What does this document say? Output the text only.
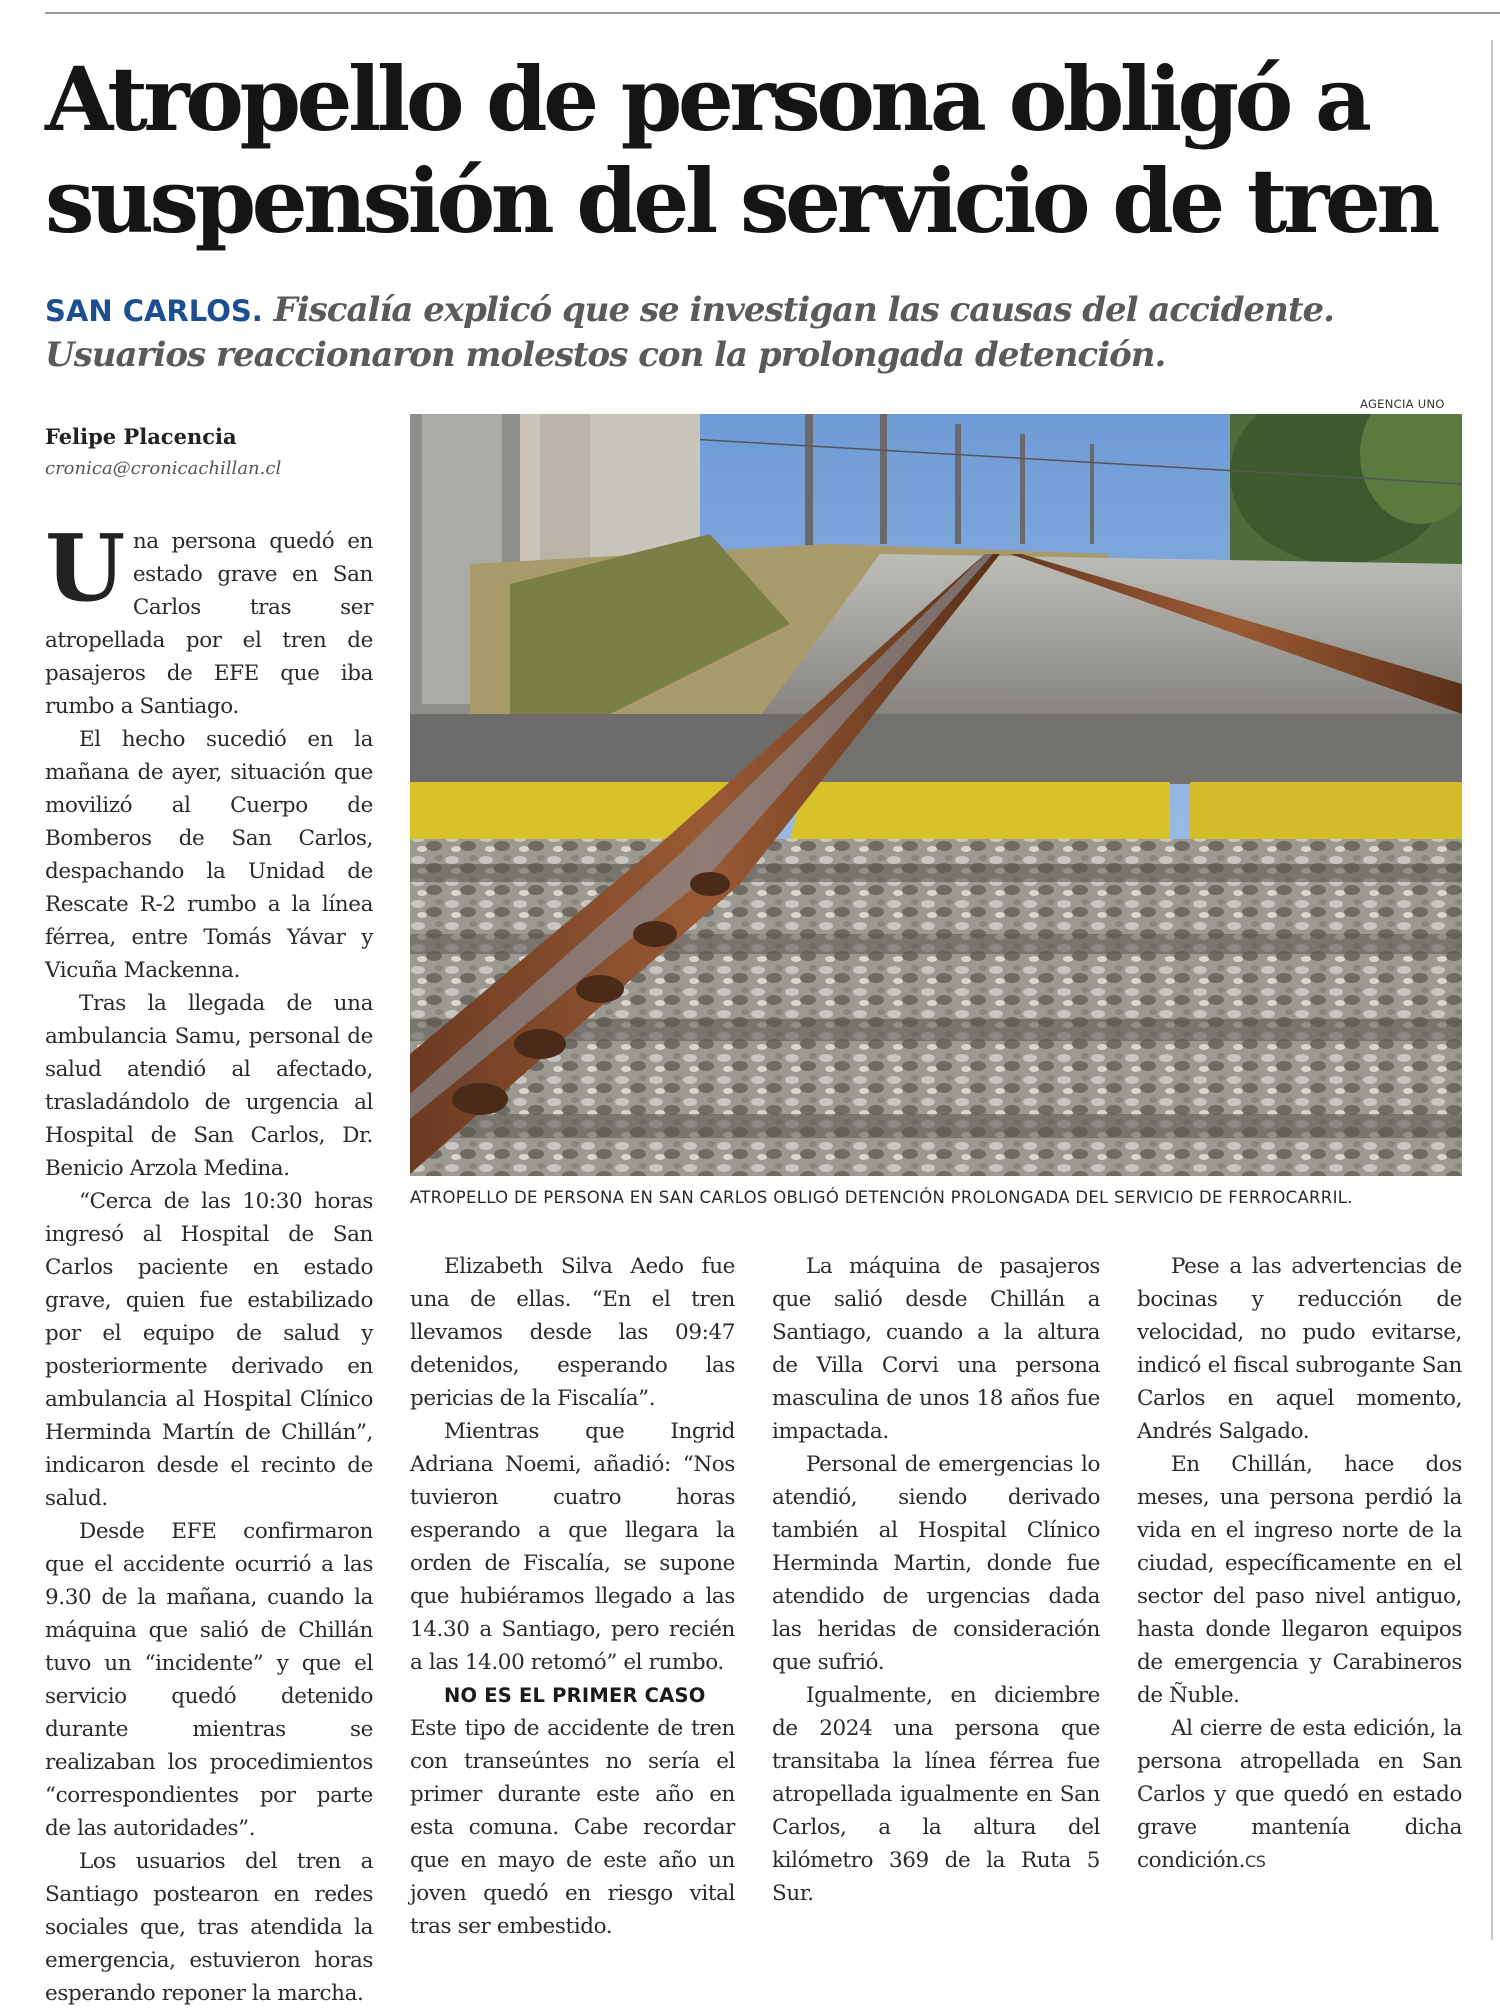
Atropello de persona obligó a
suspensión del servicio de tren
SAN CARLOS. Fiscalía explicó que se investigan las causas del accidente. Usuarios reaccionaron molestos con la prolongada detención.
Felipe Placencia
cronica@cronicachillan.cl
AGENCIA UNO
ATROPELLO DE PERSONA EN SAN CARLOS OBLIGÓ DETENCIÓN PROLONGADA DEL SERVICIO DE FERROCARRIL.

Una persona quedó en estado grave en San Carlos tras ser atropellada por el tren de pasajeros de EFE que iba rumbo a Santiago.

El hecho sucedió en la mañana de ayer, situación que movilizó al Cuerpo de Bomberos de San Carlos, despachando la Unidad de Rescate R-2 rumbo a la línea férrea, entre Tomás Yávar y Vicuña Mackenna.

Tras la llegada de una ambulancia Samu, personal de salud atendió al afectado, trasladándolo de urgencia al Hospital de San Carlos, Dr. Benicio Arzola Medina.

“Cerca de las 10:30 horas ingresó al Hospital de San Carlos paciente en estado grave, quien fue estabilizado por el equipo de salud y posteriormente derivado en ambulancia al Hospital Clínico Herminda Martín de Chillán”, indicaron desde el recinto de salud.

Desde EFE confirmaron que el accidente ocurrió a las 9.30 de la mañana, cuando la máquina que salió de Chillán tuvo un “incidente” y que el servicio quedó detenido durante mientras se realizaban los procedimientos “correspondientes por parte de las autoridades”.

Los usuarios del tren a Santiago postearon en redes sociales que, tras atendida la emergencia, estuvieron horas esperando reponer la marcha.

Elizabeth Silva Aedo fue una de ellas. “En el tren llevamos desde las 09:47 detenidos, esperando las pericias de la Fiscalía”.

Mientras que Ingrid Adriana Noemi, añadió: “Nos tuvieron cuatro horas esperando a que llegara la orden de Fiscalía, se supone que hubiéramos llegado a las 14.30 a Santiago, pero recién a las 14.00 retomó” el rumbo.

NO ES EL PRIMER CASO

Este tipo de accidente de tren con transeúntes no sería el primer durante este año en esta comuna. Cabe recordar que en mayo de este año un joven quedó en riesgo vital tras ser embestido.

La máquina de pasajeros que salió desde Chillán a Santiago, cuando a la altura de Villa Corvi una persona masculina de unos 18 años fue impactada.

Personal de emergencias lo atendió, siendo derivado también al Hospital Clínico Herminda Martin, donde fue atendido de urgencias dada las heridas de consideración que sufrió.

Igualmente, en diciembre de 2024 una persona que transitaba la línea férrea fue atropellada igualmente en San Carlos, a la altura del kilómetro 369 de la Ruta 5 Sur.

Pese a las advertencias de bocinas y reducción de velocidad, no pudo evitarse, indicó el fiscal subrogante San Carlos en aquel momento, Andrés Salgado.

En Chillán, hace dos meses, una persona perdió la vida en el ingreso norte de la ciudad, específicamente en el sector del paso nivel antiguo, hasta donde llegaron equipos de emergencia y Carabineros de Ñuble.

Al cierre de esta edición, la persona atropellada en San Carlos y que quedó en estado grave mantenía dicha condición.CS
